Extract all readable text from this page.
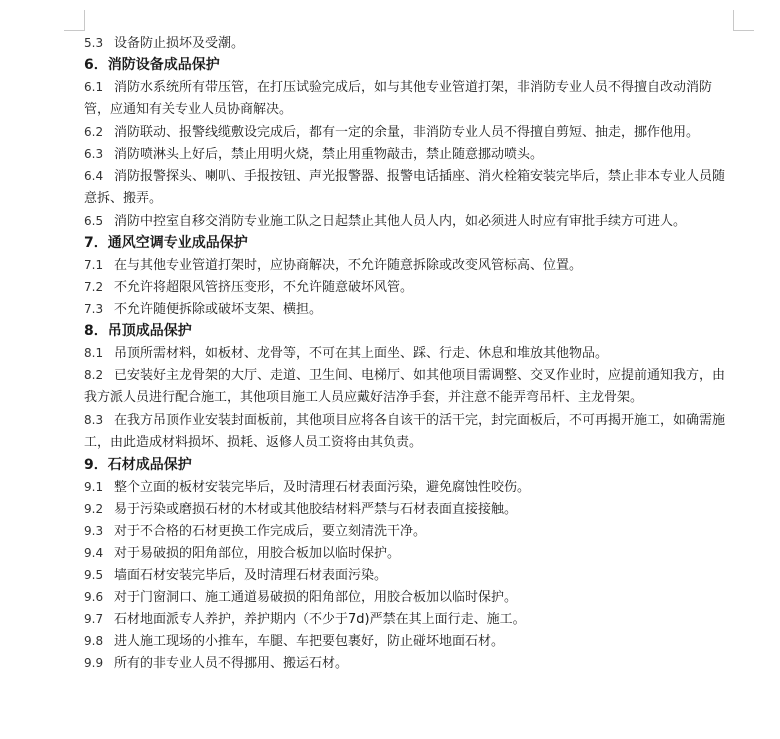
5.3 设备防止损坏及受潮。
6．消防设备成品保护
6.1 消防水系统所有带压管，在打压试验完成后，如与其他专业管道打架，非消防专业人员不得擅自改动消防管，应通知有关专业人员协商解决。
6.2 消防联动、报警线缆敷设完成后，都有一定的余量，非消防专业人员不得擅自剪短、抽走，挪作他用。
6.3 消防喷淋头上好后，禁止用明火烧，禁止用重物敲击，禁止随意挪动喷头。
6.4 消防报警探头、喇叭、手报按钮、声光报警器、报警电话插座、消火栓箱安装完毕后，禁止非本专业人员随意拆、搬弄。
6.5 消防中控室自移交消防专业施工队之日起禁止其他人员人内，如必须进人时应有审批手续方可进人。
7．通风空调专业成品保护
7.1 在与其他专业管道打架时，应协商解决，不允许随意拆除或改变风管标高、位置。
7.2 不允许将超限风管挤压变形，不允许随意破坏风管。
7.3 不允许随便拆除或破坏支架、横担。
8．吊顶成品保护
8.1 吊顶所需材料，如板材、龙骨等，不可在其上面坐、踩、行走、休息和堆放其他物品。
8.2 已安装好主龙骨架的大厅、走道、卫生间、电梯厅、如其他项目需调整、交叉作业时，应提前通知我方，由我方派人员进行配合施工，其他项目施工人员应戴好洁净手套，并注意不能弄弯吊杆、主龙骨架。
8.3 在我方吊顶作业安装封面板前，其他项目应将各自该干的活干完，封完面板后，不可再揭开施工，如确需施工，由此造成材料损坏、损耗、返修人员工资将由其负责。
9．石材成品保护
9.1 整个立面的板材安装完毕后，及时清理石材表面污染，避免腐蚀性咬伤。
9.2 易于污染或磨损石材的木材或其他胶结材料严禁与石材表面直接接触。
9.3 对于不合格的石材更换工作完成后，要立刻清洗干净。
9.4 对于易破损的阳角部位，用胶合板加以临时保护。
9.5 墙面石材安装完毕后，及时清理石材表面污染。
9.6 对于门窗洞口、施工通道易破损的阳角部位，用胶合板加以临时保护。
9.7 石材地面派专人养护，养护期内（不少于7d)严禁在其上面行走、施工。
9.8 进人施工现场的小推车，车腿、车把要包裹好，防止碰坏地面石材。
9.9 所有的非专业人员不得挪用、搬运石材。
